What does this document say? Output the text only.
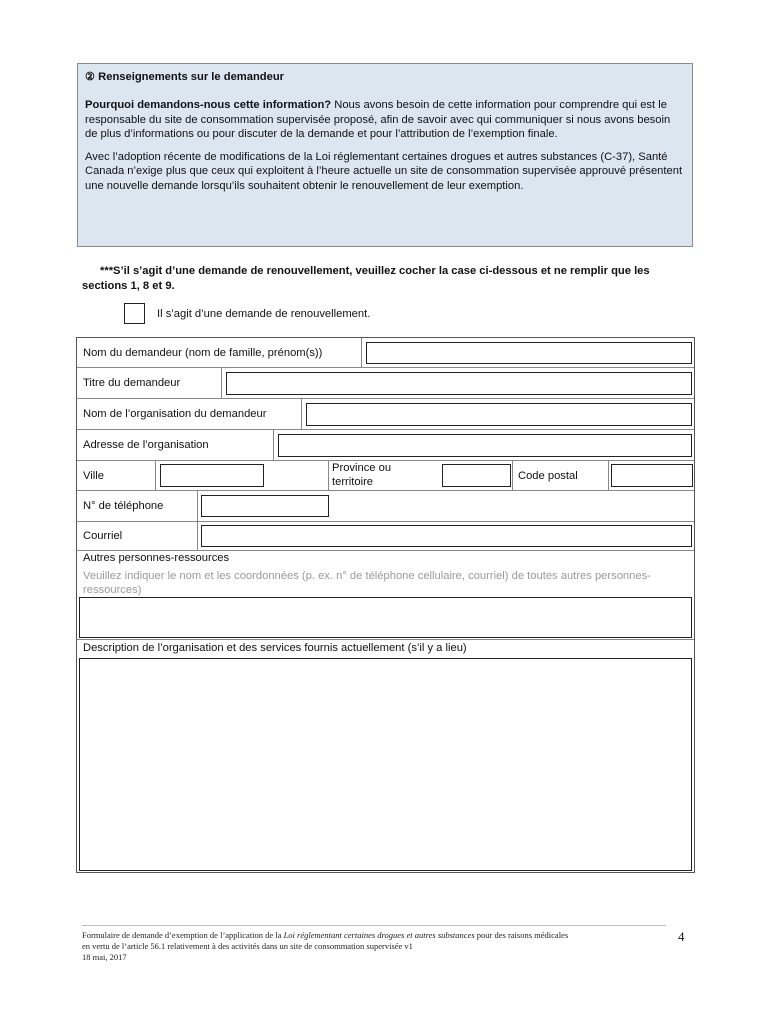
② Renseignements sur le demandeur

Pourquoi demandons-nous cette information? Nous avons besoin de cette information pour comprendre qui est le responsable du site de consommation supervisée proposé, afin de savoir avec qui communiquer si nous avons besoin de plus d’informations ou pour discuter de la demande et pour l’attribution de l’exemption finale.

Avec l’adoption récente de modifications de la Loi réglementant certaines drogues et autres substances (C-37), Santé Canada n’exige plus que ceux qui exploitent à l’heure actuelle un site de consommation supervisée approuvé présentent une nouvelle demande lorsqu’ils souhaitent obtenir le renouvellement de leur exemption.

***S’il s’agit d’une demande de renouvellement, veuillez cocher la case ci-dessous et ne remplir que les sections 1, 8 et 9.
Il s’agit d’une demande de renouvellement.
Nom du demandeur (nom de famille, prénom(s))
Titre du demandeur
Nom de l’organisation du demandeur
Adresse de l’organisation
Ville
Province ou
territoire	Code postal
N° de téléphone
Courriel
Autres personnes-ressources
Veuillez indiquer le nom et les coordonnées (p. ex. n° de téléphone cellulaire, courriel) de toutes autres personnes-ressources)
Description de l’organisation et des services fournis actuellement (s’il y a lieu)
Formulaire de demande d’exemption de l’application de la Loi réglementant certaines drogues et autres substances pour des raisons médicales
en vertu de l’article 56.1 relativement à des activités dans un site de consommation supervisée v1
18 mai, 2017
4
